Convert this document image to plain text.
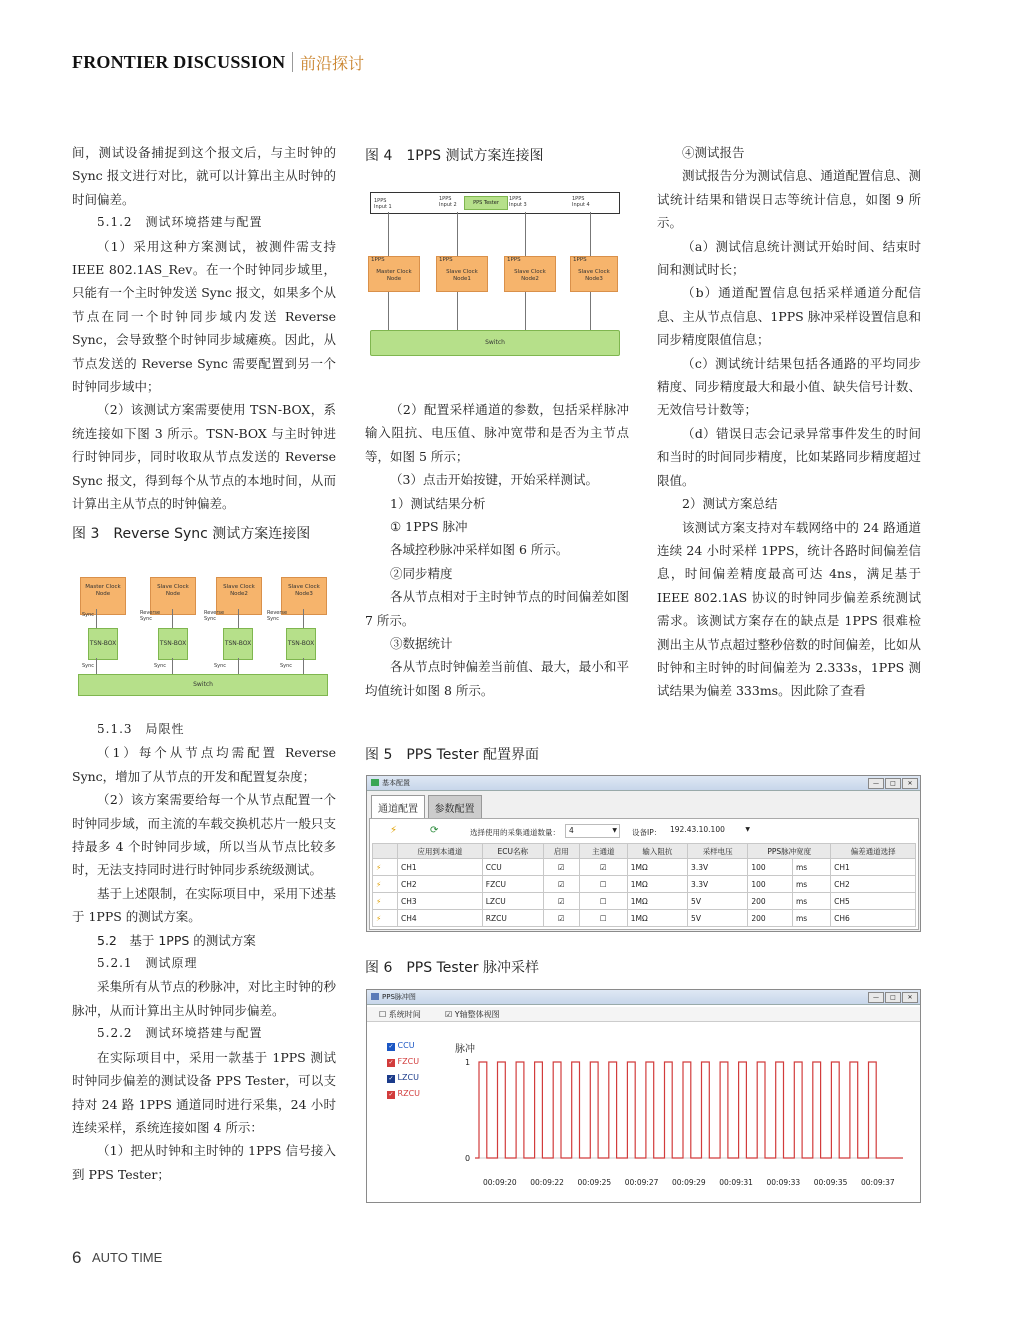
FRONTIER DISCUSSION 前沿探讨

间，测试设备捕捉到这个报文后，与主时钟的 Sync 报文进行对比，就可以计算出主从时钟的时间偏差。

5.1.2　测试环境搭建与配置

（1）采用这种方案测试，被测件需支持 IEEE 802.1AS_Rev。在一个时钟同步域里，只能有一个主时钟发送 Sync 报文，如果多个从节点在同一个时钟同步域内发送 Reverse Sync，会导致整个时钟同步域瘫痪。因此，从节点发送的 Reverse Sync 需要配置到另一个时钟同步域中；

（2）该测试方案需要使用 TSN-BOX，系统连接如下图 3 所示。TSN-BOX 与主时钟进行时钟同步，同时收取从节点发送的 Reverse Sync 报文，得到每个从节点的本地时间，从而计算出主从节点的时钟偏差。

图 3　Reverse Sync 测试方案连接图

Master Clock
Node
Slave Clock
Node
Slave Clock
Node2
Slave Clock
Node3
Sync	Reverse
Sync
Reverse
Sync
Reverse
Sync
TSN-BOX	TSN-BOX	TSN-BOX	TSN-BOX
Sync	Sync	Sync	Sync
Switch

5.1.3　局限性

（1）每个从节点均需配置 Reverse Sync，增加了从节点的开发和配置复杂度；

（2）该方案需要给每一个从节点配置一个时钟同步域，而主流的车载交换机芯片一般只支持最多 4 个时钟同步域，所以当从节点比较多时，无法支持同时进行时钟同步系统级测试。

基于上述限制，在实际项目中，采用下述基于 1PPS 的测试方案。

5.2　基于 1PPS 的测试方案

5.2.1　测试原理

采集所有从节点的秒脉冲，对比主时钟的秒脉冲，从而计算出主从时钟同步偏差。

5.2.2　测试环境搭建与配置

在实际项目中，采用一款基于 1PPS 测试时钟同步偏差的测试设备 PPS Tester，可以支持对 24 路 1PPS 通道同时进行采集，24 小时连续采样，系统连接如图 4 所示：

（1）把从时钟和主时钟的 1PPS 信号接入到 PPS Tester；

图 4　1PPS 测试方案连接图

1PPS
Input 1
1PPS
Input 2	PPS Tester
1PPS
Input 3
1PPS
Input 4
1PPS
Master Clock
Node
1PPS
Slave Clock
Node1
1PPS
Slave Clock
Node2
1PPS
Slave Clock
Node3
Switch

（2）配置采样通道的参数，包括采样脉冲输入阻抗、电压值、脉冲宽带和是否为主节点等，如图 5 所示；

（3）点击开始按键，开始采样测试。

1）测试结果分析

① 1PPS 脉冲

各域控秒脉冲采样如图 6 所示。

②同步精度

各从节点相对于主时钟节点的时间偏差如图 7 所示。

③数据统计

各从节点时钟偏差当前值、最大，最小和平均值统计如图 8 所示。

④测试报告

测试报告分为测试信息、通道配置信息、测试统计结果和错误日志等统计信息，如图 9 所示。

（a）测试信息统计测试开始时间、结束时间和测试时长；

（b）通道配置信息包括采样通道分配信息、主从节点信息、1PPS 脉冲采样设置信息和同步精度限值信息；

（c）测试统计结果包括各通路的平均同步精度、同步精度最大和最小值、缺失信号计数、无效信号计数等；

（d）错误日志会记录异常事件发生的时间和当时的时间同步精度，比如某路同步精度超过限值。

2）测试方案总结

该测试方案支持对车载网络中的 24 路通道连续 24 小时采样 1PPS，统计各路时间偏差信息，时间偏差精度最高可达 4ns，满足基于 IEEE 802.1AS 协议的时钟同步偏差系统测试需求。该测试方案存在的缺点是 1PPS 很难检测出主从节点超过整秒倍数的时间偏差，比如从时钟和主时钟的时间偏差为 2.333s，1PPS 测试结果为偏差 333ms。因此除了查看

图 5　PPS Tester 配置界面

基本配置	—	□	✕
通道配置 参数配置
⚡	⟳	选择使用的采集通道数量：	4	▼ 设备IP： 192.43.10.100	▼
	应用到本通道	ECU名称	启用	主通道	输入阻抗	采样电压	PPS脉冲宽度		偏差通道选择
⚡	CH1	CCU	☑	☑	1MΩ	3.3V	100	ms	CH1
⚡	CH2	FZCU	☑	☐	1MΩ	3.3V	100	ms	CH2
⚡	CH3	LZCU	☑	☐	1MΩ	5V	200	ms	CH5
⚡	CH4	RZCU	☑	☐	1MΩ	5V	200	ms	CH6

图 6　PPS Tester 脉冲采样

PPS脉冲图	—	□	✕
☐ 系统时间	☑ Y轴整体视图
✓ CCU
✓ FZCU
✓ LZCU
✓ RZCU
脉冲
1
0
00:09:20 00:09:22 00:09:25 00:09:27 00:09:29 00:09:31 00:09:33 00:09:35 00:09:37
6 AUTO TIME
